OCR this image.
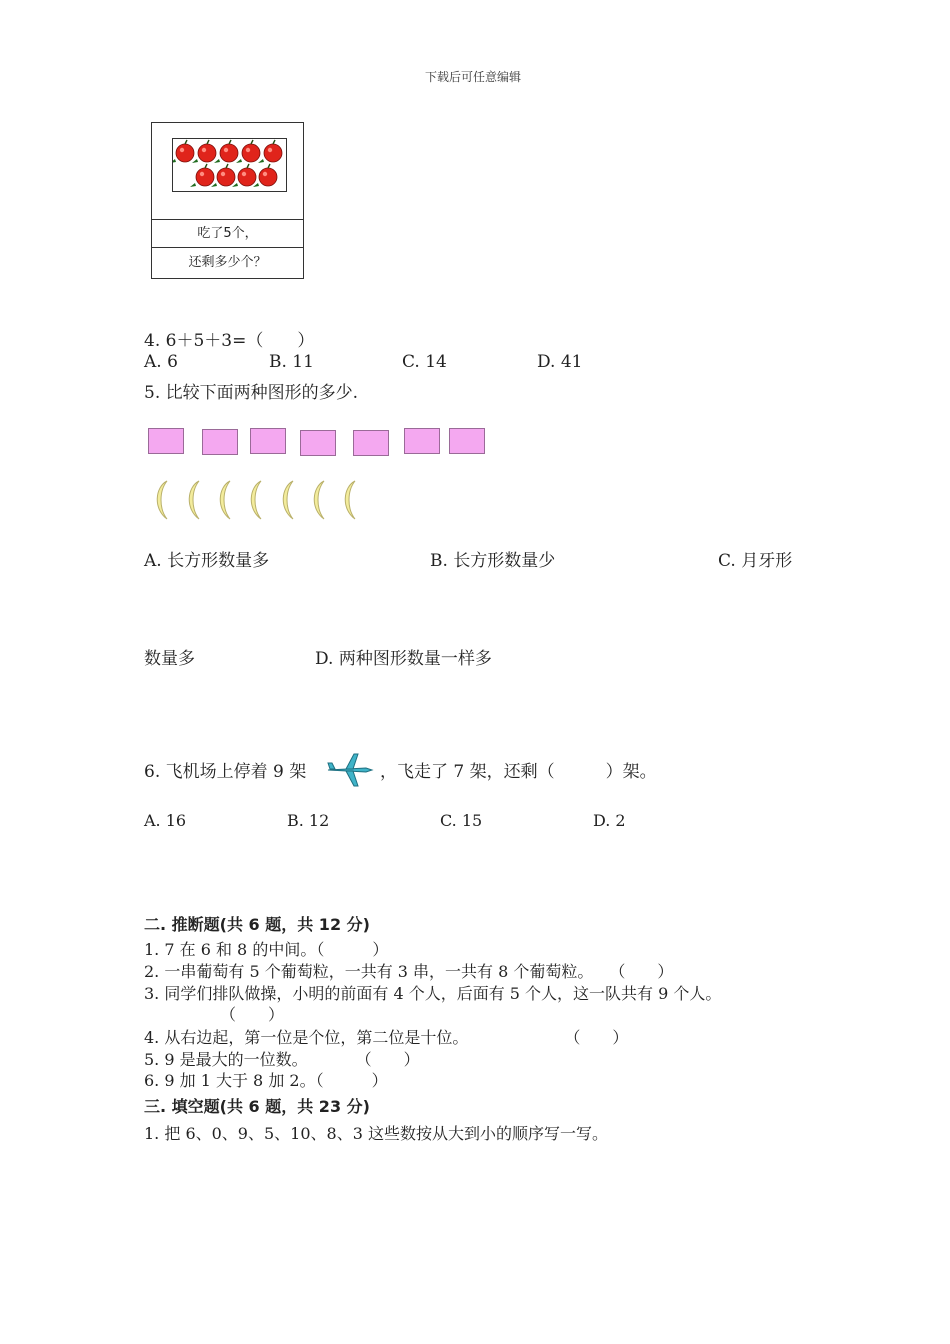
下载后可任意编辑
吃了5个，
还剩多少个？
4. 6＋5＋3=（　　）
A. 6	B. 11	C. 14	D. 41
5. 比较下面两种图形的多少.
A. 长方形数量多	B. 长方形数量少	C. 月牙形
数量多	D. 两种图形数量一样多
6. 飞机场上停着 9 架	，飞走了 7 架，还剩（　　　）架。
A. 16	B. 12	C. 15	D. 2
二. 推断题(共 6 题，共 12 分)
1. 7 在 6 和 8 的中间。（　　　）
2. 一串葡萄有 5 个葡萄粒，一共有 3 串，一共有 8 个葡萄粒。　　（　　）
3. 同学们排队做操，小明的前面有 4 个人，后面有 5 个人，这一队共有 9 个人。
（　　）
4. 从右边起，第一位是个位，第二位是十位。　　　　　　　（　　）
5. 9 是最大的一位数。　　　　（　　）
6. 9 加 1 大于 8 加 2。（　　　）
三. 填空题(共 6 题，共 23 分)
1. 把 6、0、9、5、10、8、3 这些数按从大到小的顺序写一写。
